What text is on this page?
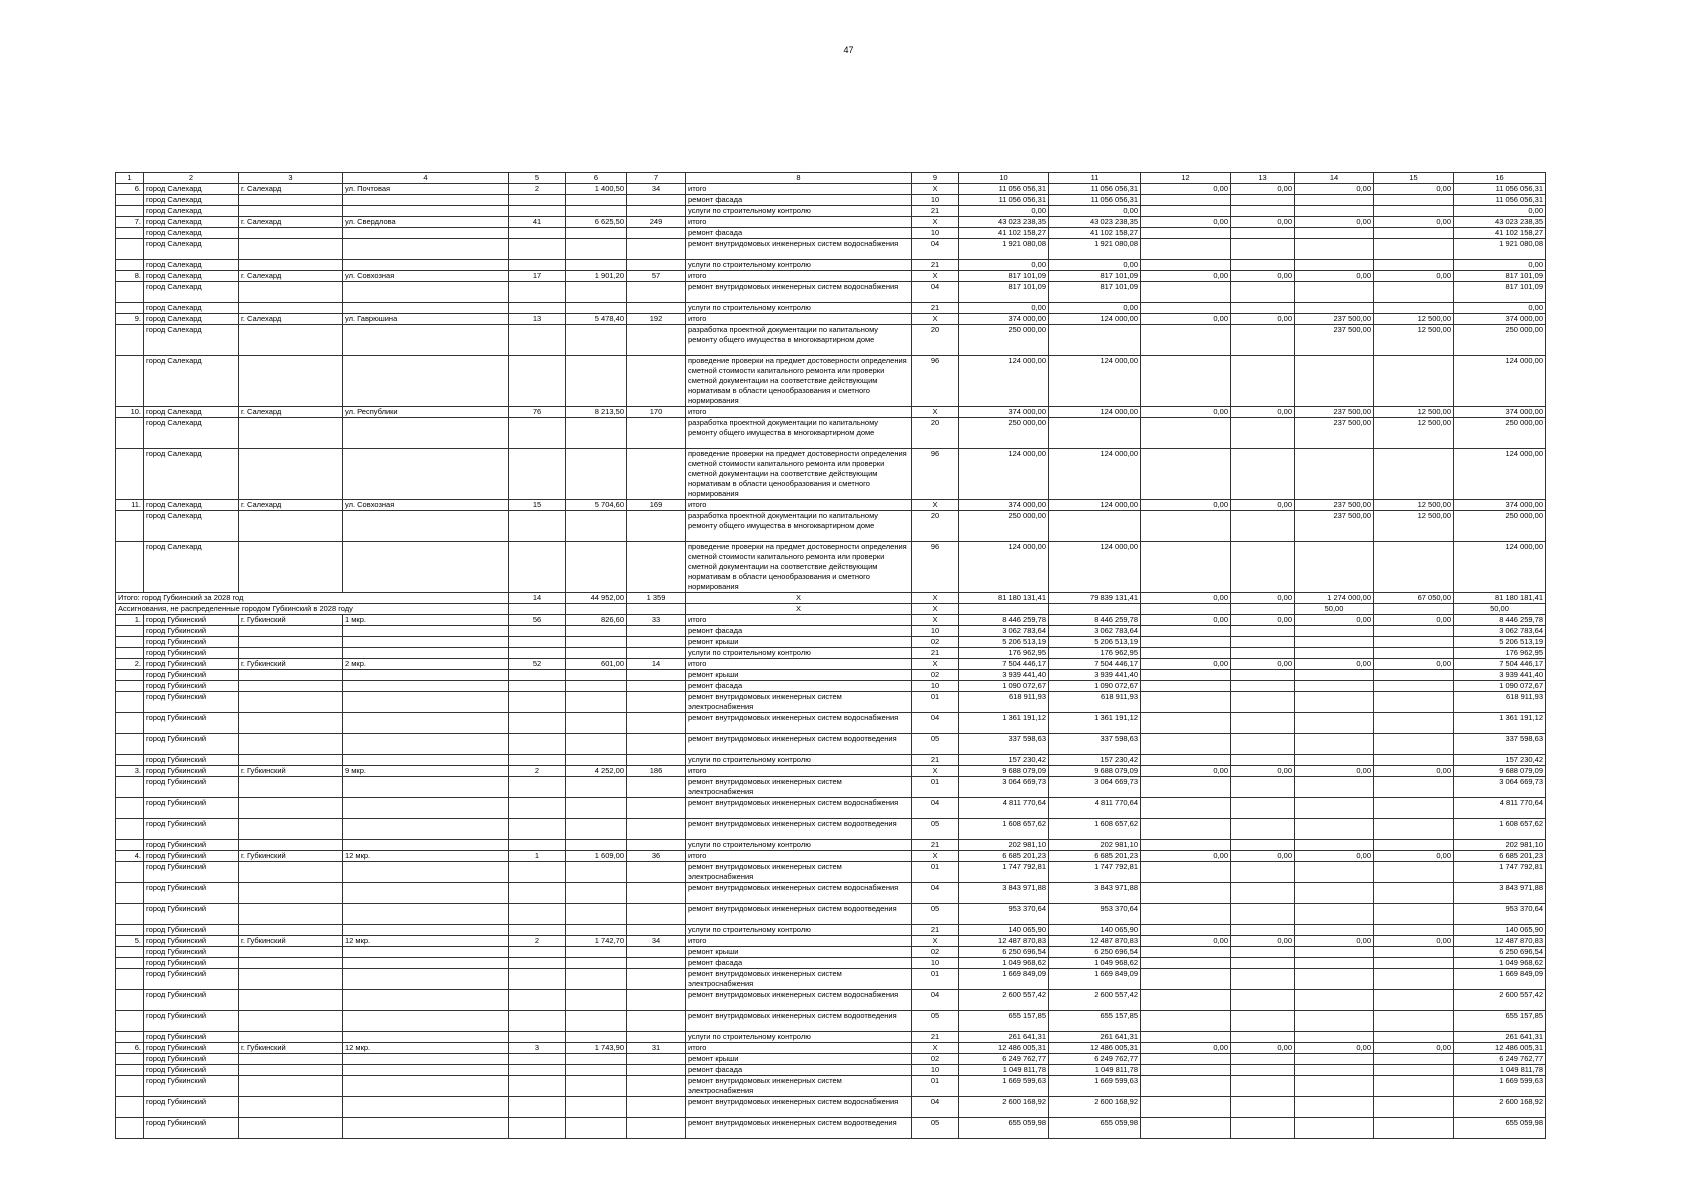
47
1	2	3	4	5	6	7	8	9	10	11	12	13	14	15	16
6.	город Салехард	г. Салехард	ул. Почтовая	2	1 400,50	34	итого	X	11 056 056,31	11 056 056,31	0,00	0,00	0,00	0,00	11 056 056,31
	город Салехард						ремонт фасада	10	11 056 056,31	11 056 056,31					11 056 056,31
	город Салехард						услуги по строительному контролю	21	0,00	0,00					0,00
7.	город Салехард	г. Салехард	ул. Свердлова	41	6 625,50	249	итого	X	43 023 238,35	43 023 238,35	0,00	0,00	0,00	0,00	43 023 238,35
	город Салехард						ремонт фасада	10	41 102 158,27	41 102 158,27					41 102 158,27
	город Салехард						ремонт внутридомовых инженерных систем водоснабжения	04	1 921 080,08	1 921 080,08					1 921 080,08
	город Салехард						услуги по строительному контролю	21	0,00	0,00					0,00
8.	город Салехард	г. Салехард	ул. Совхозная	17	1 901,20	57	итого	X	817 101,09	817 101,09	0,00	0,00	0,00	0,00	817 101,09
	город Салехард						ремонт внутридомовых инженерных систем водоснабжения	04	817 101,09	817 101,09					817 101,09
	город Салехард						услуги по строительному контролю	21	0,00	0,00					0,00
9.	город Салехард	г. Салехард	ул. Гаврюшина	13	5 478,40	192	итого	X	374 000,00	124 000,00	0,00	0,00	237 500,00	12 500,00	374 000,00
	город Салехард						разработка проектной документации по капитальному ремонту общего имущества в многоквартирном доме	20	250 000,00				237 500,00	12 500,00	250 000,00
	город Салехард						проведение проверки на предмет достоверности определения сметной стоимости капитального ремонта или проверки сметной документации на соответствие действующим нормативам в области ценообразования и сметного нормирования	96	124 000,00	124 000,00					124 000,00
10.	город Салехард	г. Салехард	ул. Республики	76	8 213,50	170	итого	X	374 000,00	124 000,00	0,00	0,00	237 500,00	12 500,00	374 000,00
	город Салехард						разработка проектной документации по капитальному ремонту общего имущества в многоквартирном доме	20	250 000,00				237 500,00	12 500,00	250 000,00
	город Салехард						проведение проверки на предмет достоверности определения сметной стоимости капитального ремонта или проверки сметной документации на соответствие действующим нормативам в области ценообразования и сметного нормирования	96	124 000,00	124 000,00					124 000,00
11.	город Салехард	г. Салехард	ул. Совхозная	15	5 704,60	169	итого	X	374 000,00	124 000,00	0,00	0,00	237 500,00	12 500,00	374 000,00
	город Салехард						разработка проектной документации по капитальному ремонту общего имущества в многоквартирном доме	20	250 000,00				237 500,00	12 500,00	250 000,00
	город Салехард						проведение проверки на предмет достоверности определения сметной стоимости капитального ремонта или проверки сметной документации на соответствие действующим нормативам в области ценообразования и сметного нормирования	96	124 000,00	124 000,00					124 000,00
Итого: город Губкинский за 2028 год				14	44 952,00	1 359	X	X	81 180 131,41	79 839 131,41	0,00	0,00	1 274 000,00	67 050,00	81 180 181,41
Ассигнования, не распределенные городом Губкинский в 2028 году							X	X					50,00		50,00
1.	город Губкинский	г. Губкинский	1 мкр.	56	826,60	33	итого	X	8 446 259,78	8 446 259,78	0,00	0,00	0,00	0,00	8 446 259,78
	город Губкинский						ремонт фасада	10	3 062 783,64	3 062 783,64					3 062 783,64
	город Губкинский						ремонт крыши	02	5 206 513,19	5 206 513,19					5 206 513,19
	город Губкинский						услуги по строительному контролю	21	176 962,95	176 962,95					176 962,95
2.	город Губкинский	г. Губкинский	2 мкр.	52	601,00	14	итого	X	7 504 446,17	7 504 446,17	0,00	0,00	0,00	0,00	7 504 446,17
	город Губкинский						ремонт крыши	02	3 939 441,40	3 939 441,40					3 939 441,40
	город Губкинский						ремонт фасада	10	1 090 072,67	1 090 072,67					1 090 072,67
	город Губкинский						ремонт внутридомовых инженерных систем электроснабжения	01	618 911,93	618 911,93					618 911,93
	город Губкинский						ремонт внутридомовых инженерных систем водоснабжения	04	1 361 191,12	1 361 191,12					1 361 191,12
	город Губкинский						ремонт внутридомовых инженерных систем водоотведения	05	337 598,63	337 598,63					337 598,63
	город Губкинский						услуги по строительному контролю	21	157 230,42	157 230,42					157 230,42
3.	город Губкинский	г. Губкинский	9 мкр.	2	4 252,00	186	итого	X	9 688 079,09	9 688 079,09	0,00	0,00	0,00	0,00	9 688 079,09
	город Губкинский						ремонт внутридомовых инженерных систем электроснабжения	01	3 064 669,73	3 064 669,73					3 064 669,73
	город Губкинский						ремонт внутридомовых инженерных систем водоснабжения	04	4 811 770,64	4 811 770,64					4 811 770,64
	город Губкинский						ремонт внутридомовых инженерных систем водоотведения	05	1 608 657,62	1 608 657,62					1 608 657,62
	город Губкинский						услуги по строительному контролю	21	202 981,10	202 981,10					202 981,10
4.	город Губкинский	г. Губкинский	12 мкр.	1	1 609,00	36	итого	X	6 685 201,23	6 685 201,23	0,00	0,00	0,00	0,00	6 685 201,23
	город Губкинский						ремонт внутридомовых инженерных систем электроснабжения	01	1 747 792,81	1 747 792,81					1 747 792,81
	город Губкинский						ремонт внутридомовых инженерных систем водоснабжения	04	3 843 971,88	3 843 971,88					3 843 971,88
	город Губкинский						ремонт внутридомовых инженерных систем водоотведения	05	953 370,64	953 370,64					953 370,64
	город Губкинский						услуги по строительному контролю	21	140 065,90	140 065,90					140 065,90
5.	город Губкинский	г. Губкинский	12 мкр.	2	1 742,70	34	итого	X	12 487 870,83	12 487 870,83	0,00	0,00	0,00	0,00	12 487 870,83
	город Губкинский						ремонт крыши	02	6 250 696,54	6 250 696,54					6 250 696,54
	город Губкинский						ремонт фасада	10	1 049 968,62	1 049 968,62					1 049 968,62
	город Губкинский						ремонт внутридомовых инженерных систем электроснабжения	01	1 669 849,09	1 669 849,09					1 669 849,09
	город Губкинский						ремонт внутридомовых инженерных систем водоснабжения	04	2 600 557,42	2 600 557,42					2 600 557,42
	город Губкинский						ремонт внутридомовых инженерных систем водоотведения	05	655 157,85	655 157,85					655 157,85
	город Губкинский						услуги по строительному контролю	21	261 641,31	261 641,31					261 641,31
6.	город Губкинский	г. Губкинский	12 мкр.	3	1 743,90	31	итого	X	12 486 005,31	12 486 005,31	0,00	0,00	0,00	0,00	12 486 005,31
	город Губкинский						ремонт крыши	02	6 249 762,77	6 249 762,77					6 249 762,77
	город Губкинский						ремонт фасада	10	1 049 811,78	1 049 811,78					1 049 811,78
	город Губкинский						ремонт внутридомовых инженерных систем электроснабжения	01	1 669 599,63	1 669 599,63					1 669 599,63
	город Губкинский						ремонт внутридомовых инженерных систем водоснабжения	04	2 600 168,92	2 600 168,92					2 600 168,92
	город Губкинский						ремонт внутридомовых инженерных систем водоотведения	05	655 059,98	655 059,98					655 059,98
